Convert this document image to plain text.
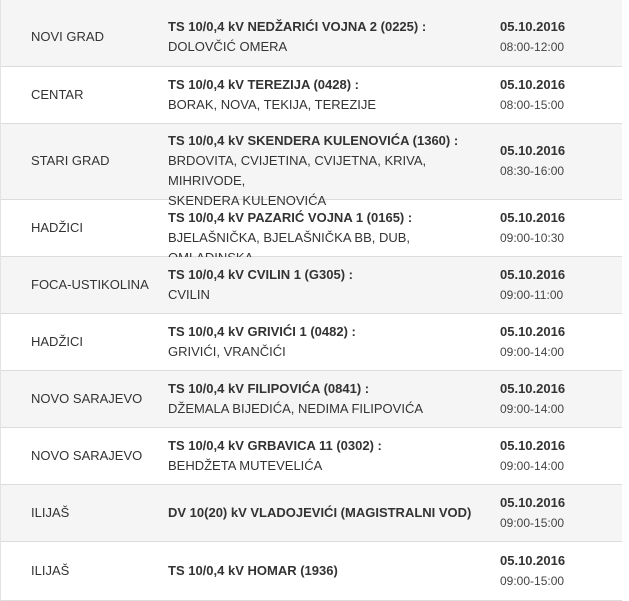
NOVI GRAD
TS 10/0,4 kV NEDŽARIĆI VOJNA 2 (0225) :
DOLOVČIĆ OMERA
05.10.2016
08:00-12:00
CENTAR
TS 10/0,4 kV TEREZIJA (0428) :
BORAK, NOVA, TEKIJA, TEREZIJE
05.10.2016
08:00-15:00
STARI GRAD
TS 10/0,4 kV SKENDERA KULENOVIĆA (1360) :
BRDOVITA, CVIJETINA, CVIJETNA, KRIVA, MIHRIVODE,
SKENDERA KULENOVIĆA
05.10.2016
08:30-16:00
HADŽICI
TS 10/0,4 kV PAZARIĆ VOJNA 1 (0165) :
BJELAŠNIČKA, BJELAŠNIČKA BB, DUB,
05.10.2016
09:00-10:30
FOCA-USTIKOLINA
TS 10/0,4 kV CVILIN 1 (G305) :
CVILIN
05.10.2016
09:00-11:00
HADŽICI
TS 10/0,4 kV GRIVIĆI 1 (0482) :
GRIVIĆI, VRANČIĆI
05.10.2016
09:00-14:00
NOVO SARAJEVO
TS 10/0,4 kV FILIPOVIĆA (0841) :
DŽEMALA BIJEDIĆA, NEDIMA FILIPOVIĆA
05.10.2016
09:00-14:00
NOVO SARAJEVO
TS 10/0,4 kV GRBAVICA 11 (0302) :
BEHDŽETA MUTEVELIĆA
05.10.2016
09:00-14:00
ILIJAŠ	DV 10(20) kV VLADOJEVIĆI (MAGISTRALNI VOD)
05.10.2016
09:00-15:00
ILIJAŠ	TS 10/0,4 kV HOMAR (1936)
05.10.2016
09:00-15:00
